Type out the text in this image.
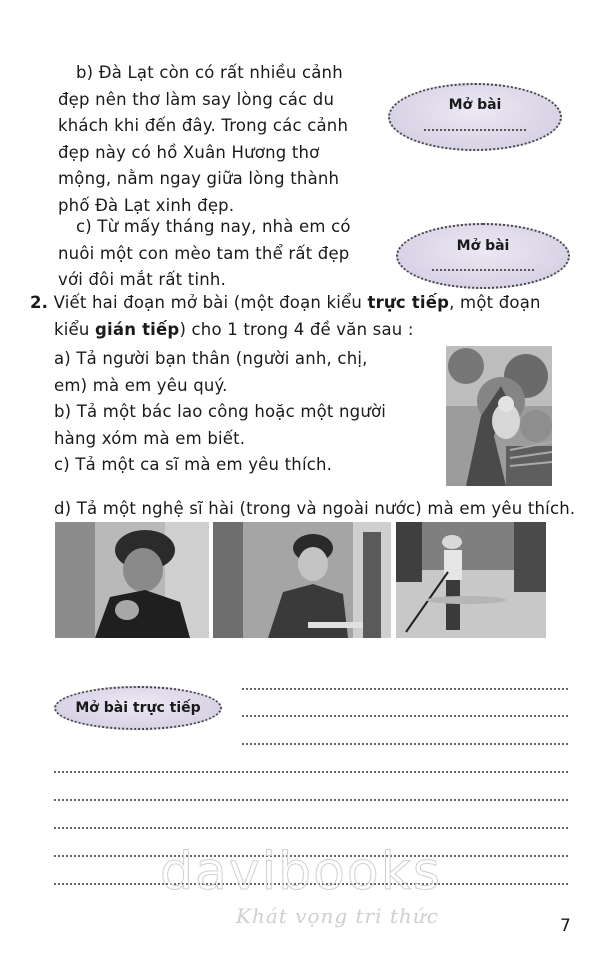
b) Đà Lạt còn có rất nhiều cảnh
đẹp nên thơ làm say lòng các du
khách khi đến đây. Trong các cảnh
đẹp này có hồ Xuân Hương thơ
mộng, nằm ngay giữa lòng thành
phố Đà Lạt xinh đẹp.
Mở bài
c) Từ mấy tháng nay, nhà em có
nuôi một con mèo tam thể rất đẹp
với đôi mắt rất tinh.
Mở bài
2. Viết hai đoạn mở bài (một đoạn kiểu trực tiếp, một đoạn
kiểu gián tiếp) cho 1 trong 4 đề văn sau :
a) Tả người bạn thân (người anh, chị,
em) mà em yêu quý.
b) Tả một bác lao công hoặc một người
hàng xóm mà em biết.
c) Tả một ca sĩ mà em yêu thích.
d) Tả một nghệ sĩ hài (trong và ngoài nước) mà em yêu thích.
Mở bài trực tiếp
davibooks
Khát vọng tri thức	7
